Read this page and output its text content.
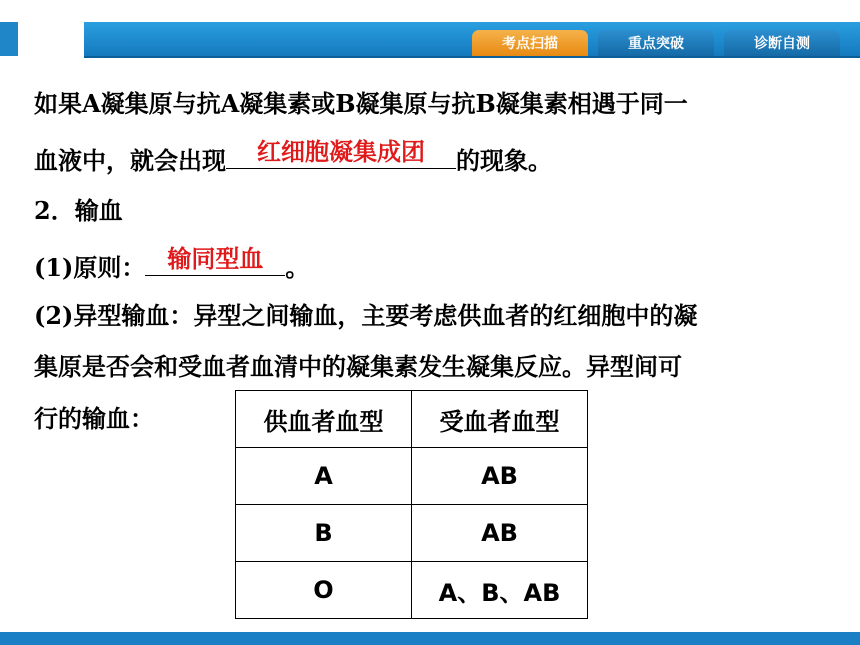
考点扫描	重点突破	诊断自测
如果A凝集原与抗A凝集素或B凝集原与抗B凝集素相遇于同一
血液中，就会出现	红细胞凝集成团	的现象。
2．输血
(1)原则： 输同型血 。
(2)异型输血：异型之间输血，主要考虑供血者的红细胞中的凝
集原是否会和受血者血清中的凝集素发生凝集反应。异型间可
行的输血：	供血者血型	受血者血型
A	AB
B	AB
O	A、B、AB
